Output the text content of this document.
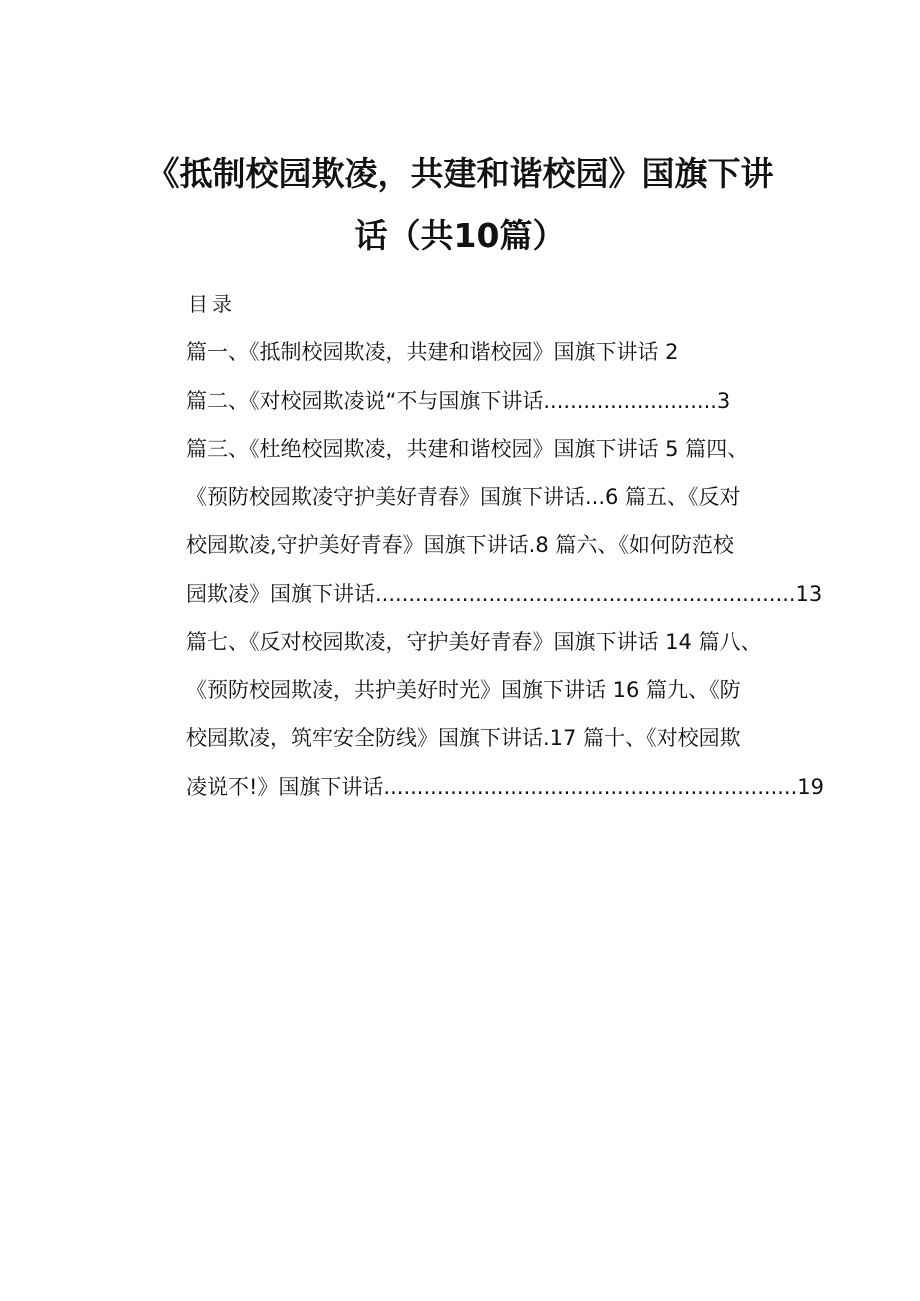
《抵制校园欺凌，共建和谐校园》国旗下讲
话（共10篇）
目录
篇一、《抵制校园欺凌，共建和谐校园》国旗下讲话 2
篇二、《对校园欺凌说“不与国旗下讲话..........................3
篇三、《杜绝校园欺凌，共建和谐校园》国旗下讲话 5 篇四、
《预防校园欺凌守护美好青春》国旗下讲话...6 篇五、《反对
校园欺凌,守护美好青春》国旗下讲话.8 篇六、《如何防范校
园欺凌》国旗下讲话...............................................................13
篇七、《反对校园欺凌，守护美好青春》国旗下讲话 14 篇八、
《预防校园欺凌，共护美好时光》国旗下讲话 16 篇九、《防
校园欺凌，筑牢安全防线》国旗下讲话.17 篇十、《对校园欺
凌说不!》国旗下讲话..............................................................19
